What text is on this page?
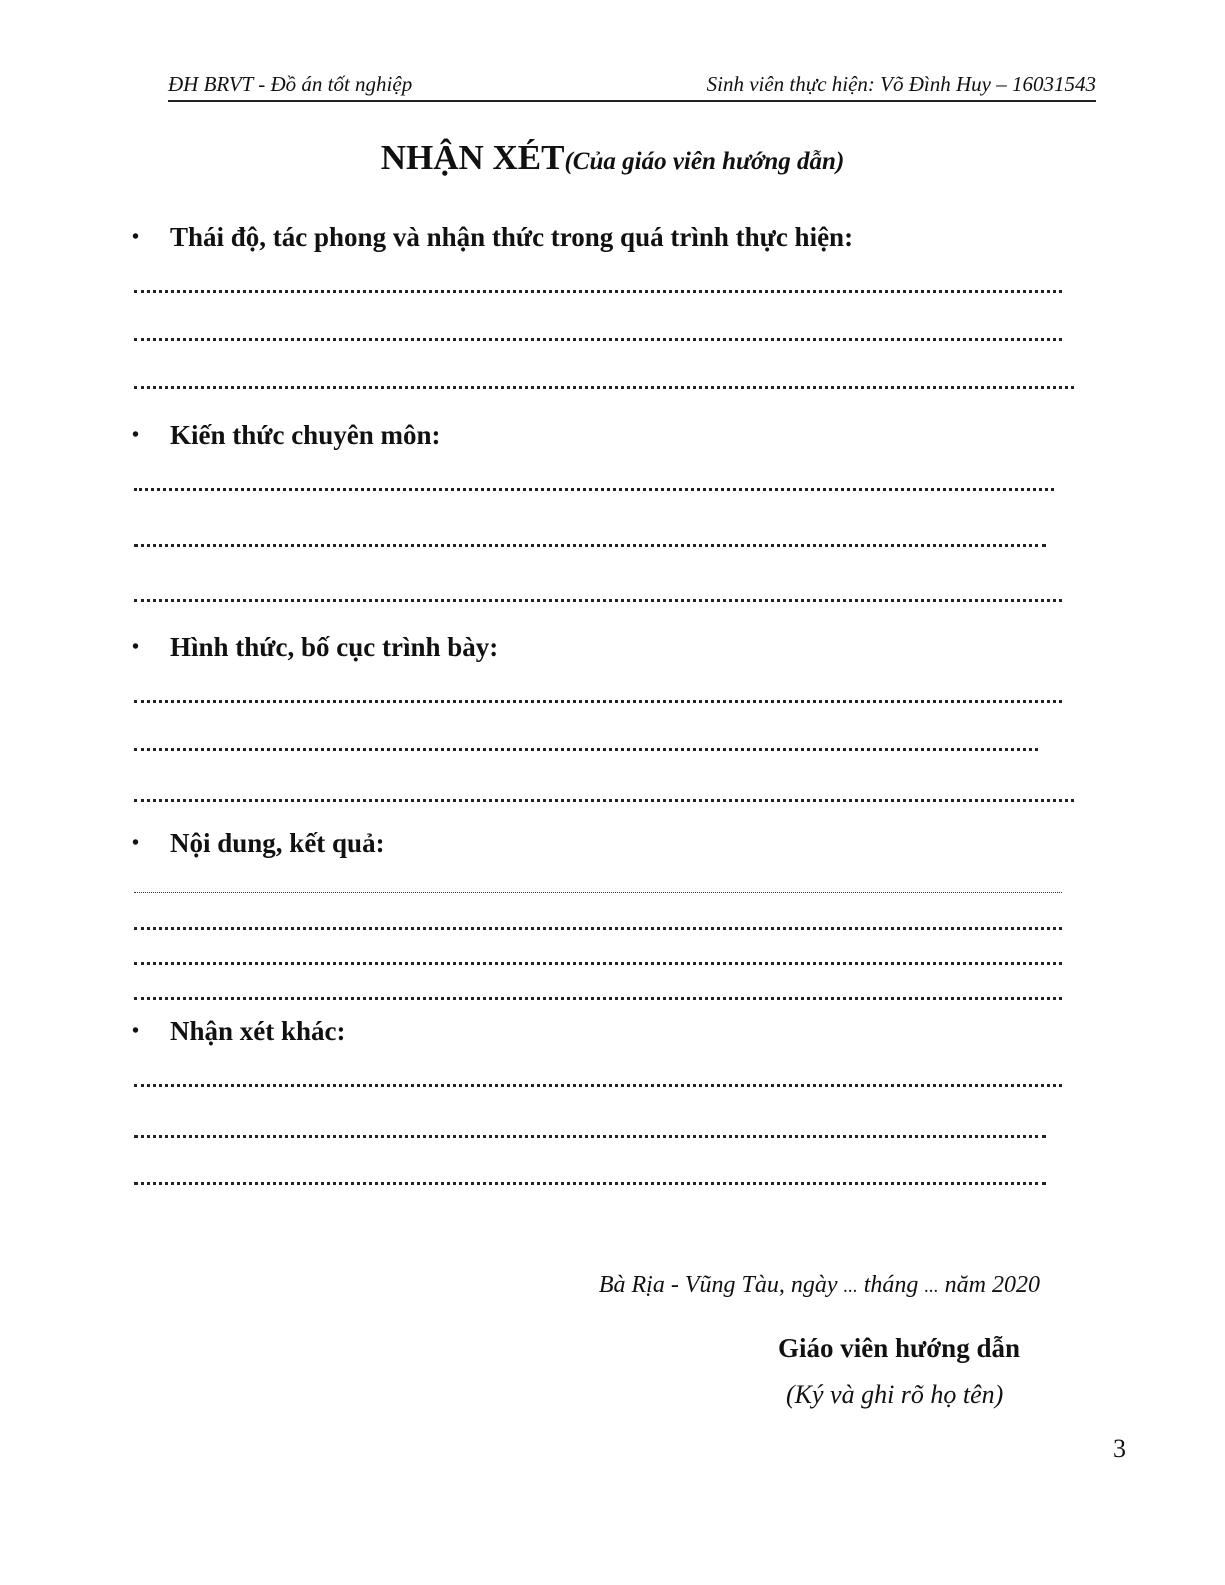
ĐH BRVT - Đồ án tốt nghiệp	Sinh viên thực hiện: Võ Đình Huy – 16031543
NHẬN XÉT(Của giáo viên hướng dẫn)
• Thái độ, tác phong và nhận thức trong quá trình thực hiện:
• Kiến thức chuyên môn:
• Hình thức, bố cục trình bày:
• Nội dung, kết quả:
• Nhận xét khác:
Bà Rịa - Vũng Tàu, ngày ... tháng ... năm 2020
Giáo viên hướng dẫn
(Ký và ghi rõ họ tên)
3
